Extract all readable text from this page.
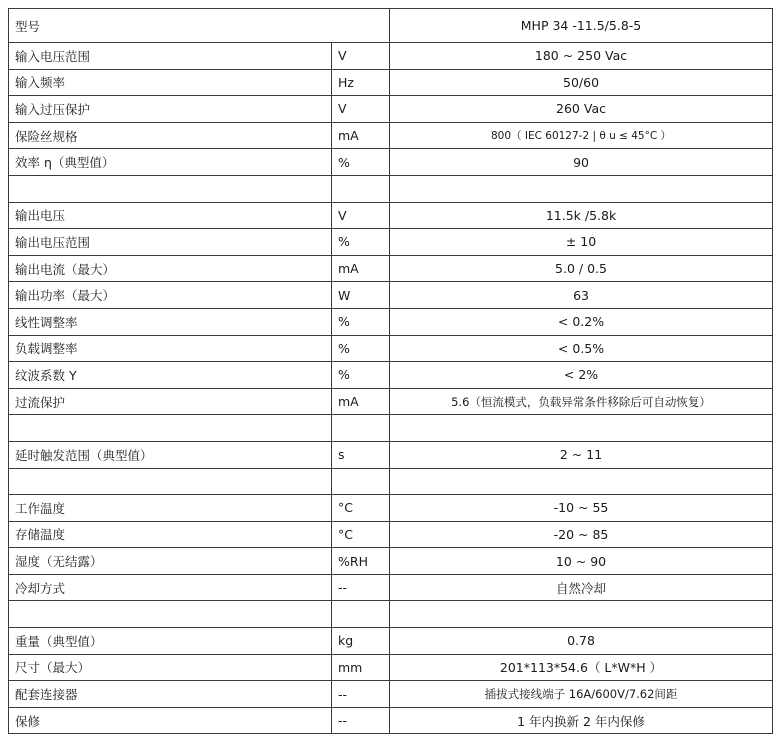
型号		MHP 34 -11.5/5.8-5
输入电压范围	V	180 ~ 250 Vac
输入频率	Hz	50/60
输入过压保护	V	260 Vac
保险丝规格	mA	800（ IEC 60127-2 | θ u ≤ 45°C ）
效率 η（典型值）	%	90

输出电压	V	11.5k /5.8k
输出电压范围	%	± 10
输出电流（最大）	mA	5.0 / 0.5
输出功率（最大）	W	63
线性调整率	%	< 0.2%
负载调整率	%	< 0.5%
纹波系数 Y	%	< 2%
过流保护	mA	5.6（恒流模式，负载异常条件移除后可自动恢复）

延时触发范围（典型值）	s	2 ~ 11

工作温度	°C	-10 ~ 55
存储温度	°C	-20 ~ 85
湿度（无结露）	%RH	10 ~ 90
冷却方式	--	自然冷却

重量（典型值）	kg	0.78
尺寸（最大）	mm	201*113*54.6（ L*W*H ）
配套连接器	--	插拔式接线端子 16A/600V/7.62间距
保修	--	1 年内换新 2 年内保修
